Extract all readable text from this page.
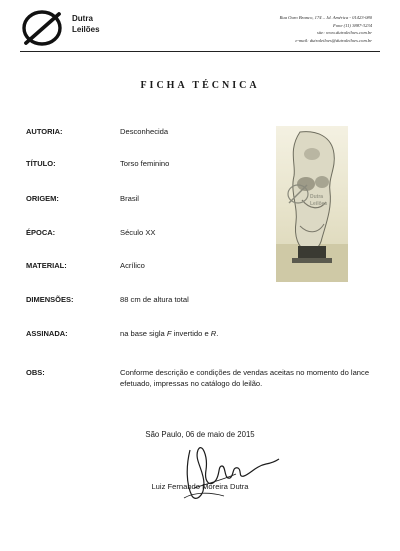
Dutra
Leilões
Rua Ouro Branco, 174 – Jd. América - 01423-080
Fone (11) 3887-3234
site: www.dutraleiloes.com.br
e-mail: dutraleiloes@dutraleiloes.com.br
FICHA TÉCNICA
AUTORIA:	Desconhecida
TÍTULO:	Torso feminino
ORIGEM:	Brasil
ÉPOCA:	Século XX
MATERIAL:	Acrílico
DIMENSÕES:	88 cm de altura total
ASSINADA:	na base sigla F invertido e R.
OBS:	Conforme descrição e condições de vendas aceitas no momento do lance efetuado, impressas no catálogo do leilão.
Dutra
Leilões
São Paulo, 06 de maio de 2015
Luiz Fernando Moreira Dutra
